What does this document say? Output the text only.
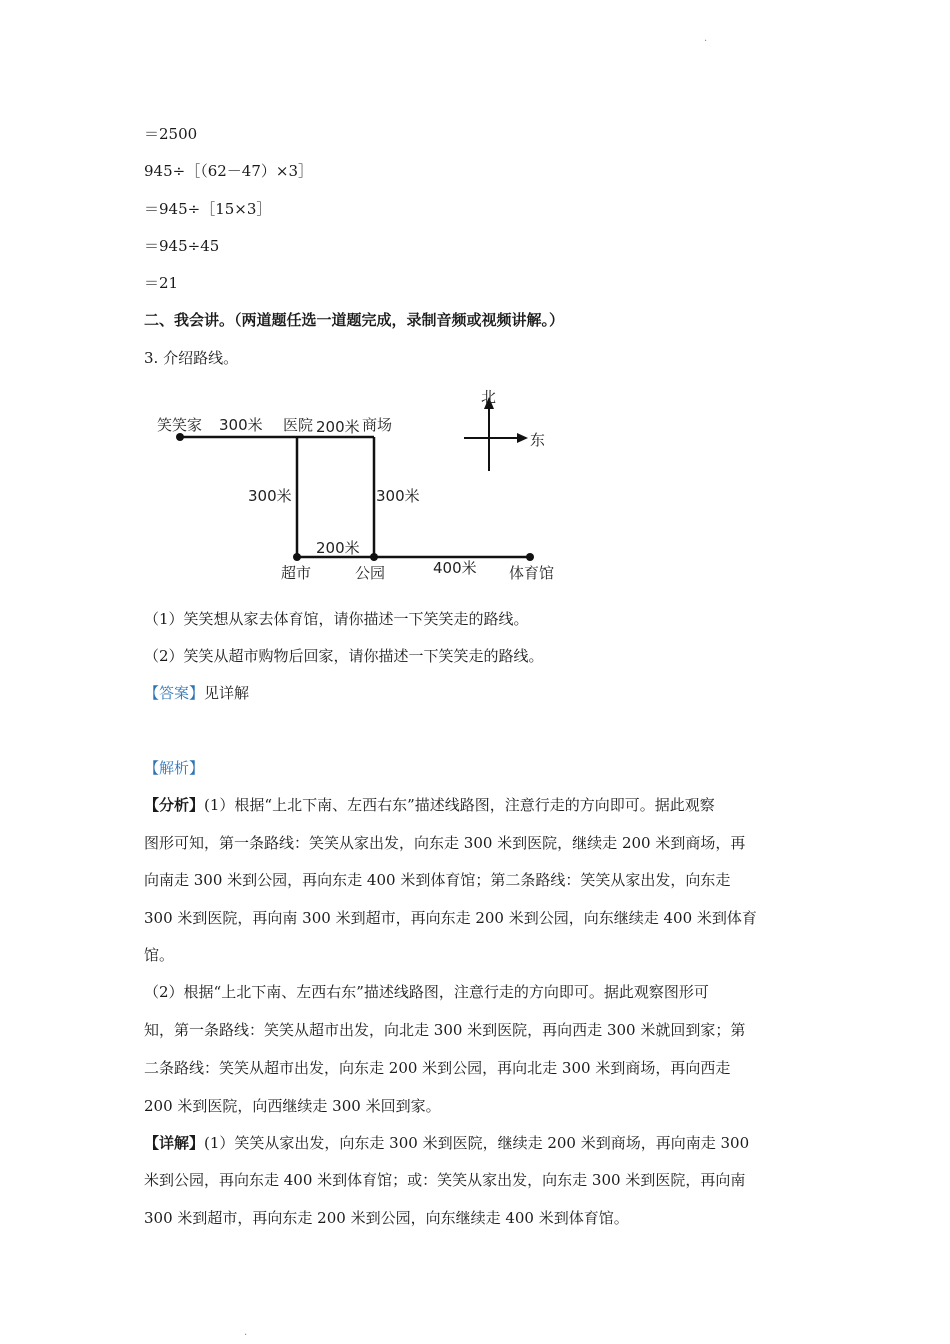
·
＝2500
945÷［（62－47）×3］
＝945÷［15×3］
＝945÷45
＝21
二、我会讲。（两道题任选一道题完成，录制音频或视频讲解。）
3. 介绍路线。
笑笑家 300米 医院 200米 商场
300米	300米
200米
超市	公园	400米 体育馆
北
东
（1）笑笑想从家去体育馆，请你描述一下笑笑走的路线。
（2）笑笑从超市购物后回家，请你描述一下笑笑走的路线。
【答案】见详解
【解析】
【分析】(1）根据“上北下南、左西右东”描述线路图，注意行走的方向即可。据此观察
图形可知，第一条路线：笑笑从家出发，向东走 300 米到医院，继续走 200 米到商场，再
向南走 300 米到公园，再向东走 400 米到体育馆；第二条路线：笑笑从家出发，向东走
300 米到医院，再向南 300 米到超市，再向东走 200 米到公园，向东继续走 400 米到体育
馆。
（2）根据“上北下南、左西右东”描述线路图，注意行走的方向即可。据此观察图形可
知，第一条路线：笑笑从超市出发，向北走 300 米到医院，再向西走 300 米就回到家；第
二条路线：笑笑从超市出发，向东走 200 米到公园，再向北走 300 米到商场，再向西走
200 米到医院，向西继续走 300 米回到家。
【详解】(1）笑笑从家出发，向东走 300 米到医院，继续走 200 米到商场，再向南走 300
米到公园，再向东走 400 米到体育馆；或：笑笑从家出发，向东走 300 米到医院，再向南
300 米到超市，再向东走 200 米到公园，向东继续走 400 米到体育馆。
·
